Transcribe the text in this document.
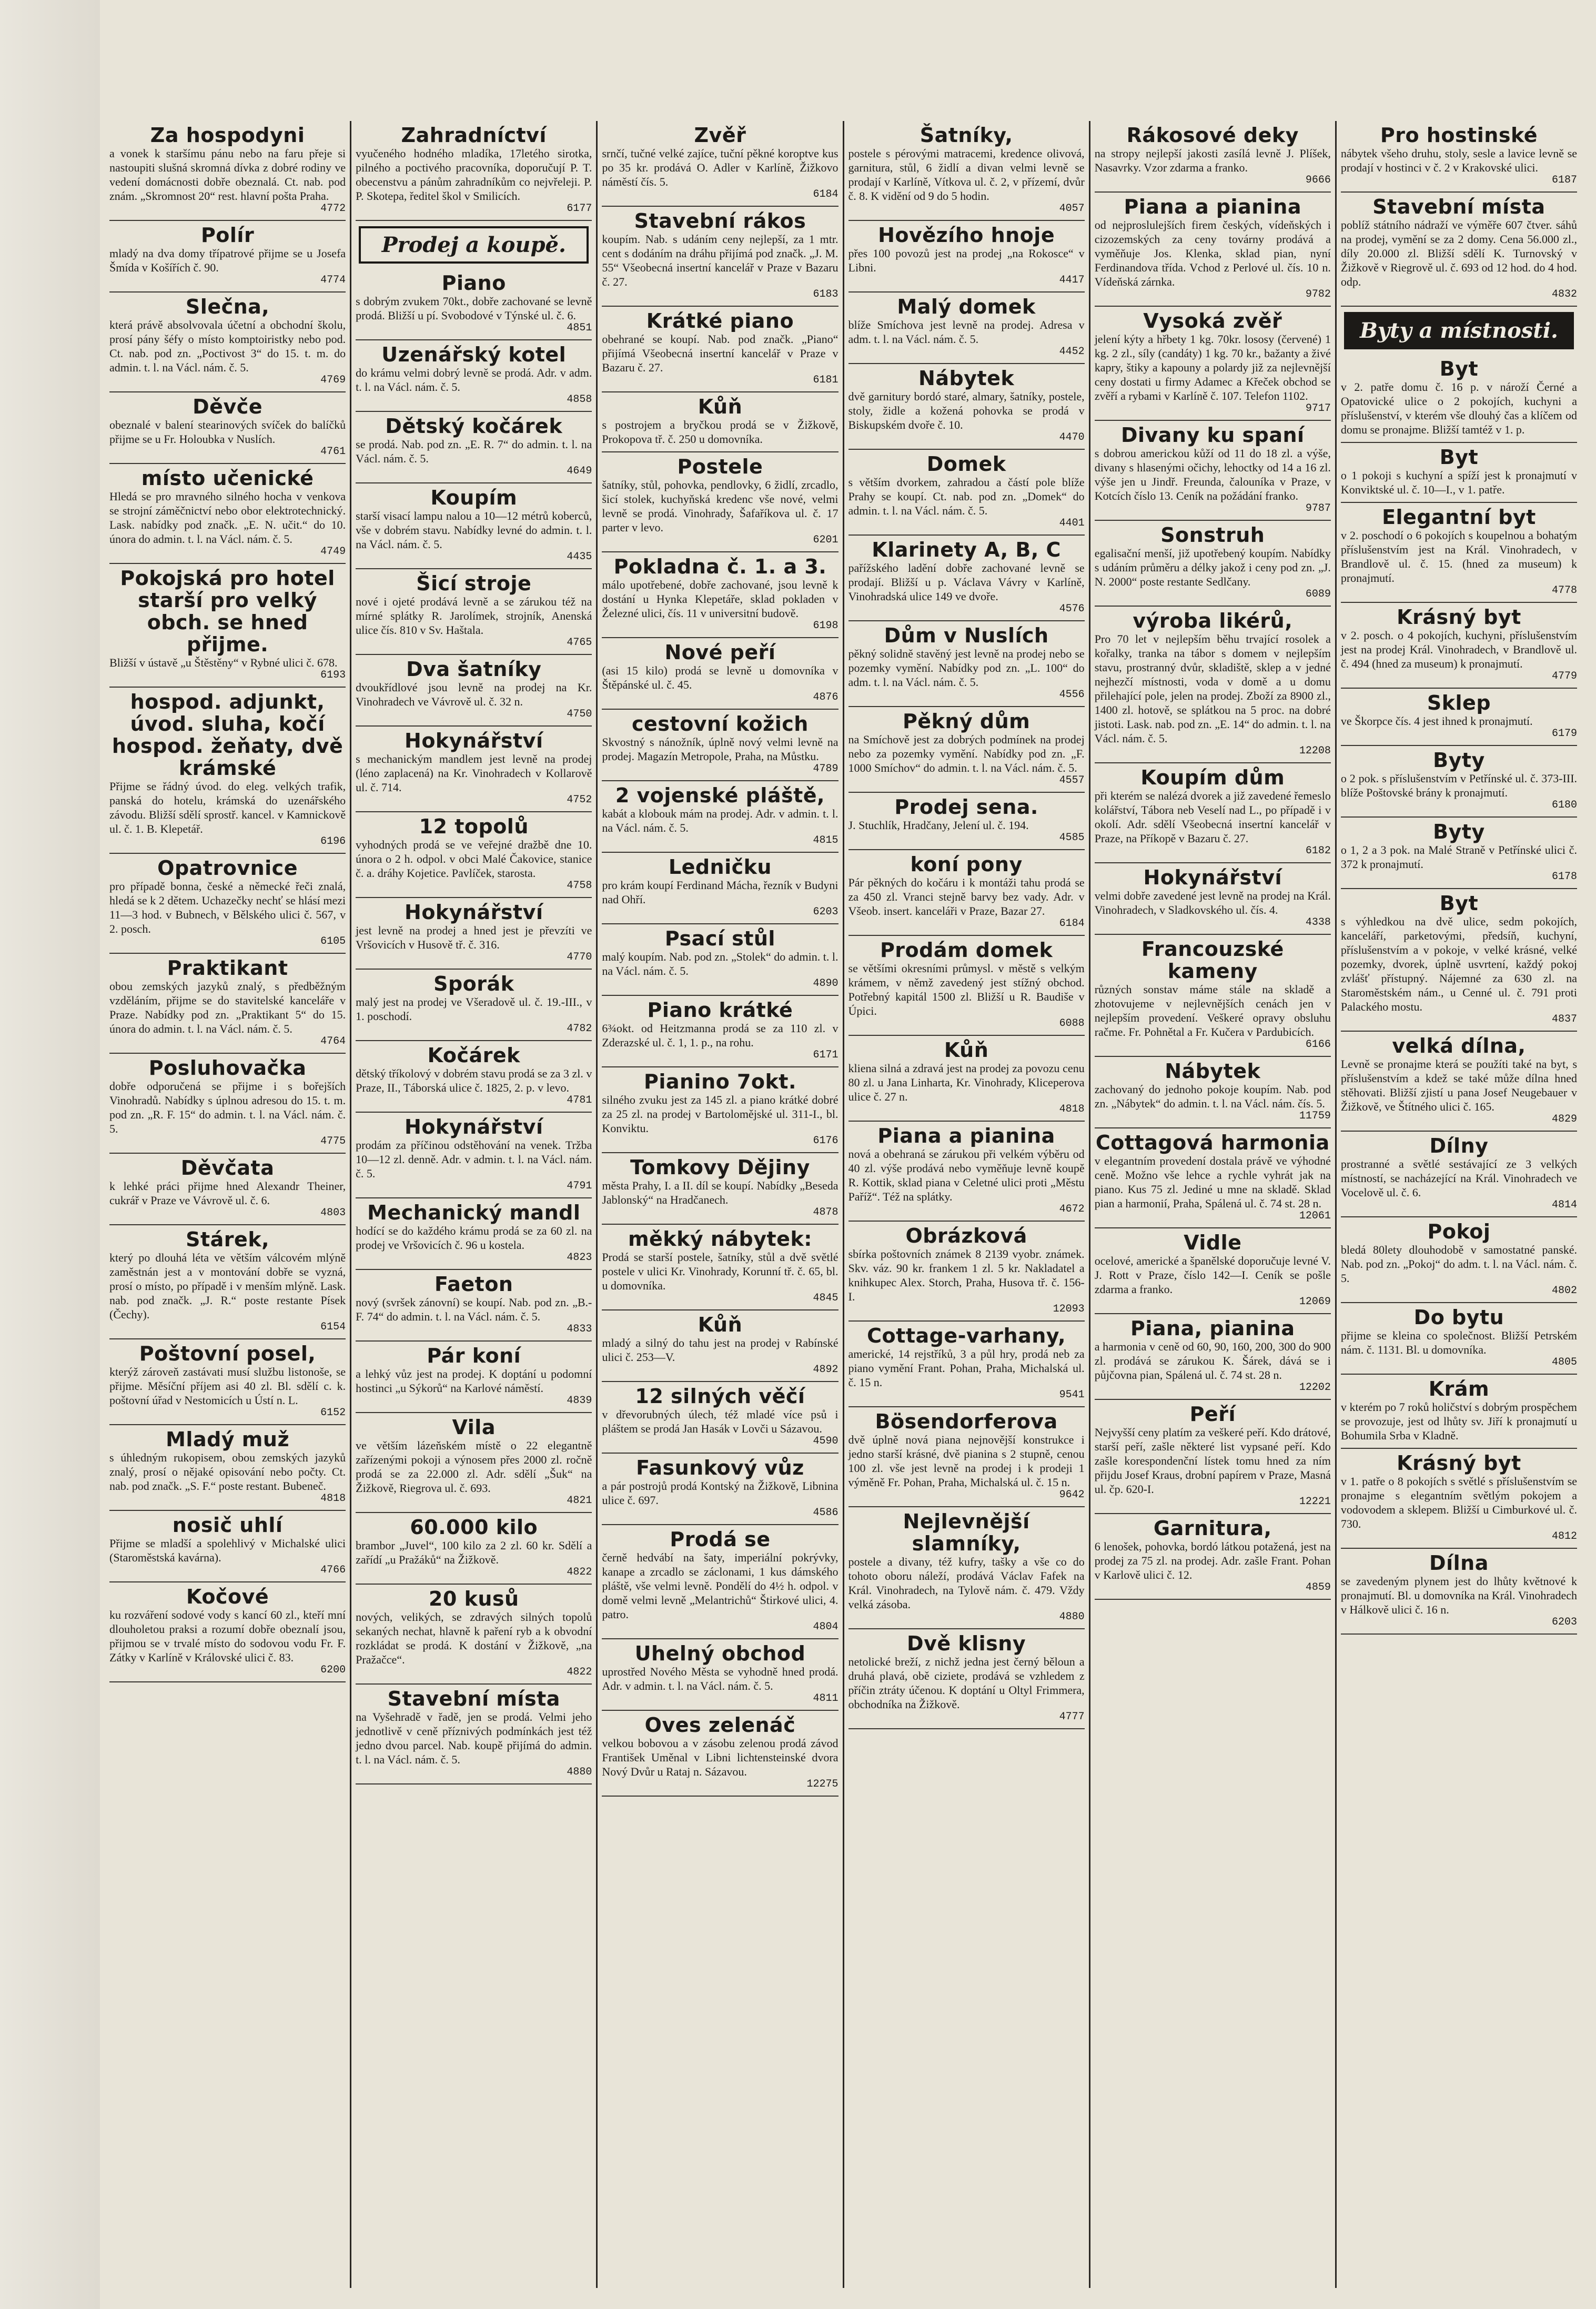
Za hospodyni

a vonek k staršímu pánu nebo na faru přeje si nastoupiti slušná skromná dívka z dobré rodiny ve vedení domácnosti dobře obeznalá. Ct. nab. pod znám. „Skromnost 20“ rest. hlavní pošta Praha.

4772
Polír

mladý na dva domy třípatrové přijme se u Josefa Šmída v Košířích č. 90.

4774
Slečna,

která právě absolvovala účetní a obchodní školu, prosí pány šéfy o místo komptoiristky nebo pod. Ct. nab. pod zn. „Poctivost 3“ do 15. t. m. do admin. t. l. na Václ. nám. č. 5.

4769
Děvče

obeznalé v balení stearinových svíček do balíčků přijme se u Fr. Holoubka v Nuslích.

4761
místo učenické

Hledá se pro mravného silného hocha v venkova se strojní záměčnictví nebo obor elektrotechnický. Lask. nabídky pod značk. „E. N. učit.“ do 10. února do admin. t. l. na Václ. nám. č. 5.

4749
Pokojská pro hotel starší pro velký obch. se hned přijme.

Bližší v ústavě „u Štěstěny“ v Rybné ulici č. 678.

6193
hospod. adjunkt, úvod. sluha, kočí hospod. žeňaty, dvě krámské

Přijme se řádný úvod. do eleg. velkých trafik, panská do hotelu, krámská do uzenářského závodu. Bližší sdělí sprostř. kancel. v Kamnickově ul. č. 1. B. Klepetář.

6196
Opatrovnice

pro případě bonna, české a německé řeči znalá, hledá se k 2 dětem. Uchazečky nechť se hlásí mezi 11—3 hod. v Bubnech, v Bělského ulici č. 567, v 2. posch.

6105
Praktikant

obou zemských jazyků znalý, s předběžným vzděláním, přijme se do stavitelské kanceláře v Praze. Nabídky pod zn. „Praktikant 5“ do 15. února do admin. t. l. na Václ. nám. č. 5.

4764
Posluhovačka

dobře odporučená se přijme i s bořejších Vinohradů. Nabídky s úplnou adresou do 15. t. m. pod zn. „R. F. 15“ do admin. t. l. na Václ. nám. č. 5.

4775
Děvčata

k lehké práci přijme hned Alexandr Theiner, cukrář v Praze ve Vávrově ul. č. 6.

4803
Stárek,

který po dlouhá léta ve větším válcovém mlýně zaměstnán jest a v montování dobře se vyzná, prosí o místo, po případě i v menším mlýně. Lask. nab. pod značk. „J. R.“ poste restante Písek (Čechy).

6154
Poštovní posel,

kterýž zároveň zastávati musí službu listonoše, se přijme. Měsíční příjem asi 40 zl. Bl. sdělí c. k. poštovní úřad v Nestomicích u Ústí n. L.

6152
Mladý muž

s úhledným rukopisem, obou zemských jazyků znalý, prosí o nějaké opisování nebo počty. Ct. nab. pod značk. „S. F.“ poste restant. Bubeneč.

4818
nosič uhlí

Přijme se mladší a spolehlivý v Michalské ulici (Staroměstská kavárna).

4766
Kočové

ku rozváření sodové vody s kancí 60 zl., kteří mní dlouholetou praksi a rozumí dobře obeznalí jsou, přijmou se v trvalé místo do sodovou vodu Fr. F. Zátky v Karlíně v Královské ulici č. 83.

6200
Zahradníctví

vyučeného hodného mladíka, 17letého sirotka, pilného a poctivého pracovníka, doporučují P. T. obecenstvu a pánům zahradníkům co nejvřeleji. P. P. Skotepa, ředitel škol v Smilicích.

6177
Prodej a koupě.
Piano

s dobrým zvukem 70kt., dobře zachované se levně prodá. Bližší u pí. Svobodové v Týnské ul. č. 6.

4851
Uzenářský kotel

do krámu velmi dobrý levně se prodá. Adr. v adm. t. l. na Václ. nám. č. 5.

4858
Dětský kočárek

se prodá. Nab. pod zn. „E. R. 7“ do admin. t. l. na Václ. nám. č. 5.

4649
Koupím

starší visací lampu nalou a 10—12 métrů koberců, vše v dobrém stavu. Nabídky levné do admin. t. l. na Václ. nám. č. 5.

4435
Šicí stroje

nové i ojeté prodává levně a se zárukou též na mírné splátky R. Jarolímek, strojník, Anenská ulice čís. 810 v Sv. Haštala.

4765
Dva šatníky

dvoukřídlové jsou levně na prodej na Kr. Vinohradech ve Vávrově ul. č. 32 n.

4750
Hokynářství

s mechanickým mandlem jest levně na prodej (léno zaplacená) na Kr. Vinohradech v Kollarově ul. č. 714.

4752
12 topolů

vyhodných prodá se ve veřejné dražbě dne 10. února o 2 h. odpol. v obci Malé Čakovice, stanice č. a. dráhy Kojetice. Pavlíček, starosta.

4758
Hokynářství

jest levně na prodej a hned jest je převzíti ve Vršovicích v Husově tř. č. 316.

4770
Sporák

malý jest na prodej ve Všeradově ul. č. 19.-III., v 1. poschodí.

4782
Kočárek

dětský tříkolový v dobrém stavu prodá se za 3 zl. v Praze, II., Táborská ulice č. 1825, 2. p. v levo.

4781
Hokynářství

prodám za příčinou odstěhování na venek. Tržba 10—12 zl. denně. Adr. v admin. t. l. na Václ. nám. č. 5.

4791
Mechanický mandl

hodící se do každého krámu prodá se za 60 zl. na prodej ve Vršovicích č. 96 u kostela.

4823
Faeton

nový (svršek zánovní) se koupí. Nab. pod zn. „B.-F. 74“ do admin. t. l. na Václ. nám. č. 5.

4833
Pár koní

a lehký vůz jest na prodej. K doptání u podomní hostinci „u Sýkorů“ na Karlové náměstí.

4839
Vila

ve větším lázeňském místě o 22 elegantně zařízenými pokoji a výnosem přes 2000 zl. ročně prodá se za 22.000 zl. Adr. sdělí „Šuk“ na Žižkově, Riegrova ul. č. 693.

4821
60.000 kilo

brambor „Juvel“, 100 kilo za 2 zl. 60 kr. Sdělí a zařídí „u Pražáků“ na Žižkově.

4822
20 kusů

nových, velikých, se zdravých silných topolů sekaných nechat, hlavně k paření ryb a k obvodní rozkládat se prodá. K dostání v Žižkově, „na Pražačce“.

4822
Stavební místa

na Vyšehradě v řadě, jen se prodá. Velmi jeho jednotlivě v ceně příznivých podmínkách jest též jedno dvou parcel. Nab. koupě přijímá do admin. t. l. na Václ. nám. č. 5.

4880
Zvěř

srnčí, tučné velké zajíce, tuční pěkné koroptve kus po 35 kr. prodává O. Adler v Karlíně, Žižkovo náměstí čís. 5.

6184
Stavební rákos

koupím. Nab. s udáním ceny nejlepší, za 1 mtr. cent s dodáním na dráhu přijímá pod značk. „J. M. 55“ Všeobecná insertní kancelář v Praze v Bazaru č. 27.

6183
Krátké piano

obehrané se koupí. Nab. pod značk. „Piano“ přijímá Všeobecná insertní kancelář v Praze v Bazaru č. 27.

6181
Kůň

s postrojem a bryčkou prodá se v Žižkově, Prokopova tř. č. 250 u domovníka.

Postele

šatníky, stůl, pohovka, pendlovky, 6 židlí, zrcadlo, šicí stolek, kuchyňská kredenc vše nové, velmi levně se prodá. Vinohrady, Šafaříkova ul. č. 17 parter v levo.

6201
Pokladna č. 1. a 3.

málo upotřebené, dobře zachované, jsou levně k dostání u Hynka Klepetáře, sklad pokladen v Železné ulici, čís. 11 v universitní budově.

6198
Nové peří

(asi 15 kilo) prodá se levně u domovníka v Štěpánské ul. č. 45.

4876
cestovní kožich

Skvostný s nánožník, úplně nový velmi levně na prodej. Magazín Metropole, Praha, na Můstku.

4789
2 vojenské pláště,

kabát a klobouk mám na prodej. Adr. v admin. t. l. na Václ. nám. č. 5.

4815
Ledničku

pro krám koupí Ferdinand Mácha, řezník v Budyni nad Ohří.

6203
Psací stůl

malý koupím. Nab. pod zn. „Stolek“ do admin. t. l. na Václ. nám. č. 5.

4890
Piano krátké

6¾okt. od Heitzmanna prodá se za 110 zl. v Zderazské ul. č. 1, 1. p., na rohu.

6171
Pianino 7okt.

silného zvuku jest za 145 zl. a piano krátké dobré za 25 zl. na prodej v Bartolomějské ul. 311-I., bl. Konviktu.

6176
Tomkovy Dějiny

města Prahy, I. a II. díl se koupí. Nabídky „Beseda Jablonský“ na Hradčanech.

4878
měkký nábytek:

Prodá se starší postele, šatníky, stůl a dvě světlé postele v ulici Kr. Vinohrady, Korunní tř. č. 65, bl. u domovníka.

4845
Kůň

mladý a silný do tahu jest na prodej v Rabínské ulici č. 253—V.

4892
12 silných věčí

v dřevorubných úlech, též mladé více psů i pláštem se prodá Jan Hasák v Lovči u Sázavou.

4590
Fasunkový vůz

a pár postrojů prodá Kontský na Žižkově, Libnina ulice č. 697.

4586
Prodá se

černě hedvábí na šaty, imperiální pokrývky, kanape a zrcadlo se záclonami, 1 kus dámského pláště, vše velmi levně. Pondělí do 4½ h. odpol. v domě velmi levně „Melantrichů“ Štirkové ulici, 4. patro.

4804
Uhelný obchod

uprostřed Nového Města se vyhodně hned prodá. Adr. v admin. t. l. na Václ. nám. č. 5.

4811
Oves zelenáč

velkou bobovou a v zásobu zelenou prodá závod František Uměnal v Libni lichtensteinské dvora Nový Dvůr u Rataj n. Sázavou.

12275
Šatníky,

postele s pérovými matracemi, kredence olivová, garnitura, stůl, 6 židlí a divan velmi levně se prodají v Karlíně, Vítkova ul. č. 2, v přízemí, dvůr č. 8. K vidění od 9 do 5 hodin.

4057
Hovězího hnoje

přes 100 povozů jest na prodej „na Rokosce“ v Libni.

4417
Malý domek

blíže Smíchova jest levně na prodej. Adresa v adm. t. l. na Václ. nám. č. 5.

4452
Nábytek

dvě garnitury bordó staré, almary, šatníky, postele, stoly, židle a kožená pohovka se prodá v Biskupském dvoře č. 10.

4470
Domek

s větším dvorkem, zahradou a částí pole blíže Prahy se koupí. Ct. nab. pod zn. „Domek“ do admin. t. l. na Václ. nám. č. 5.

4401
Klarinety A, B, C

pařížského ladění dobře zachované levně se prodají. Bližší u p. Václava Vávry v Karlíně, Vinohradská ulice 149 ve dvoře.

4576
Dům v Nuslích

pěkný solidně stavěný jest levně na prodej nebo se pozemky vymění. Nabídky pod zn. „L. 100“ do adm. t. l. na Václ. nám. č. 5.

4556
Pěkný dům

na Smíchově jest za dobrých podmínek na prodej nebo za pozemky vymění. Nabídky pod zn. „F. 1000 Smíchov“ do admin. t. l. na Václ. nám. č. 5.

4557
Prodej sena.

J. Stuchlík, Hradčany, Jelení ul. č. 194.

4585
koní pony

Pár pěkných do kočáru i k montáži tahu prodá se za 450 zl. Vranci stejně barvy bez vady. Adr. v Všeob. insert. kanceláři v Praze, Bazar 27.

6184
Prodám domek

se většími okresními průmysl. v městě s velkým krámem, v němž zavedený jest stížný obchod. Potřebný kapitál 1500 zl. Bližší u R. Baudiše v Úpici.

6088
Kůň

kliena silná a zdravá jest na prodej za povozu cenu 80 zl. u Jana Linharta, Kr. Vinohrady, Kliceperova ulice č. 27 n.

4818
Piana a pianina

nová a obehraná se zárukou při velkém výběru od 40 zl. výše prodává nebo vyměňuje levně koupě R. Kottik, sklad piana v Celetné ulici proti „Městu Paříž“. Též na splátky.

4672
Obrázková

sbírka poštovních známek 8 2139 vyobr. známek. Skv. váz. 90 kr. frankem 1 zl. 5 kr. Nakladatel a knihkupec Alex. Storch, Praha, Husova tř. č. 156-I.

12093
Cottage-varhany,

americké, 14 rejstříků, 3 a půl hry, prodá neb za piano vymění Frant. Pohan, Praha, Michalská ul. č. 15 n.

9541
Bösendorferova

dvě úplně nová piana nejnovější konstrukce i jedno starší krásné, dvě pianina s 2 stupně, cenou 100 zl. vše jest levně na prodej i k prodeji 1 výměně Fr. Pohan, Praha, Michalská ul. č. 15 n.

9642
Nejlevnější slamníky,

postele a divany, též kufry, tašky a vše co do tohoto oboru náleží, prodává Václav Fafek na Král. Vinohradech, na Tylově nám. č. 479. Vždy velká zásoba.

4880
Dvě klisny

netolické breží, z nichž jedna jest černý běloun a druhá plavá, obě ciziete, prodává se vzhledem z příčin ztráty účenou. K doptání u Oltyl Frimmera, obchodníka na Žižkově.

4777
Rákosové deky

na stropy nejlepší jakosti zasílá levně J. Plíšek, Nasavrky. Vzor zdarma a franko.

9666
Piana a pianina

od nejproslulejších firem českých, vídeňských i cizozemských za ceny továrny prodává a vyměňuje Jos. Klenka, sklad pian, nyní Ferdinandova třída. Vchod z Perlové ul. čís. 10 n. Vídeňská zárnka.

9782
Vysoká zvěř

jelení kýty a hřbety 1 kg. 70kr. lososy (červené) 1 kg. 2 zl., síly (candáty) 1 kg. 70 kr., bažanty a živé kapry, štiky a kapouny a polardy již za nejlevnější ceny dostati u firmy Adamec a Křeček obchod se zvěří a rybami v Karlíně č. 107. Telefon 1102.

9717
Divany ku spaní

s dobrou americkou kůží od 11 do 18 zl. a výše, divany s hlasenými očichy, lehoctky od 14 a 16 zl. výše jen u Jindř. Freunda, čalouníka v Praze, v Kotcích číslo 13. Ceník na požádání franko.

9787
Sonstruh

egalisační menší, již upotřebený koupím. Nabídky s udáním průměru a délky jakož i ceny pod zn. „J. N. 2000“ poste restante Sedlčany.

6089
výroba likérů,

Pro 70 let v nejlepším běhu trvající rosolek a kořalky, tranka na tábor s domem v nejlepším stavu, prostranný dvůr, skladiště, sklep a v jedné nejhezčí místnosti, voda v domě a u domu přilehající pole, jelen na prodej. Zboží za 8900 zl., 1400 zl. hotově, se splátkou na 5 proc. na dobré jistoti. Lask. nab. pod zn. „E. 14“ do admin. t. l. na Václ. nám. č. 5.

12208
Koupím dům

při kterém se nalézá dvorek a již zavedené řemeslo kolářství, Tábora neb Veselí nad L., po případě i v okolí. Adr. sdělí Všeobecná insertní kancelář v Praze, na Příkopě v Bazaru č. 27.

6182
Hokynářství

velmi dobře zavedené jest levně na prodej na Král. Vinohradech, v Sladkovského ul. čís. 4.

4338
Francouzské kameny

různých sonstav máme stále na skladě a zhotovujeme v nejlevnějších cenách jen v nejlepším provedení. Veškeré opravy obsluhu račme. Fr. Pohnětal a Fr. Kučera v Pardubicích.

6166
Nábytek

zachovaný do jednoho pokoje koupím. Nab. pod zn. „Nábytek“ do admin. t. l. na Václ. nám. čís. 5.

11759
Cottagová harmonia

v elegantním provedení dostala právě ve výhodné ceně. Možno vše lehce a rychle vyhrát jak na piano. Kus 75 zl. Jediné u mne na skladě. Sklad pian a harmonií, Praha, Spálená ul. č. 74 st. 28 n.

12061
Vidle

ocelové, americké a španělské doporučuje levné V. J. Rott v Praze, číslo 142—I. Ceník se pošle zdarma a franko.

12069
Piana, pianina

a harmonia v ceně od 60, 90, 160, 200, 300 do 900 zl. prodává se zárukou K. Šárek, dává se i půjčovna pian, Spálená ul. č. 74 st. 28 n.

12202
Peří

Nejvyšší ceny platím za veškeré peří. Kdo drátové, starší peří, zašle některé list vypsané peří. Kdo zašle korespondenční lístek tomu hned za ním přijdu Josef Kraus, drobní papírem v Praze, Masná ul. čp. 620-I.

12221
Garnitura,

6 lenošek, pohovka, bordó látkou potažená, jest na prodej za 75 zl. na prodej. Adr. zašle Frant. Pohan v Karlově ulici č. 12.

4859
Pro hostinské

nábytek všeho druhu, stoly, sesle a lavice levně se prodají v hostinci v č. 2 v Krakovské ulici.

6187
Stavební místa

poblíž státního nádraží ve výměře 607 čtver. sáhů na prodej, vymění se za 2 domy. Cena 56.000 zl., díly 20.000 zl. Bližší sdělí K. Turnovský v Žižkově v Riegrově ul. č. 693 od 12 hod. do 4 hod. odp.

4832
Byty a místnosti.
Byt

v 2. patře domu č. 16 p. v nároží Černé a Opatovické ulice o 2 pokojích, kuchyni a příslušenství, v kterém vše dlouhý čas a klíčem od domu se pronajme. Bližší tamtéž v 1. p.

Byt

o 1 pokoji s kuchyní a spíží jest k pronajmutí v Konviktské ul. č. 10—I., v 1. patře.

Elegantní byt

v 2. poschodí o 6 pokojích s koupelnou a bohatým příslušenstvím jest na Král. Vinohradech, v Brandlově ul. č. 15. (hned za museum) k pronajmutí.

4778
Krásný byt

v 2. posch. o 4 pokojích, kuchyni, příslušenstvím jest na prodej Král. Vinohradech, v Brandlově ul. č. 494 (hned za museum) k pronajmutí.

4779
Sklep

ve Škorpce čís. 4 jest ihned k pronajmutí.

6179
Byty

o 2 pok. s příslušenstvím v Petřínské ul. č. 373-III. blíže Poštovské brány k pronajmutí.

6180
Byty

o 1, 2 a 3 pok. na Malé Straně v Petřínské ulici č. 372 k pronajmutí.

6178
Byt

s výhledkou na dvě ulice, sedm pokojích, kanceláří, parketovými, předsíň, kuchyní, příslušenstvím a v pokoje, v velké krásné, velké pozemky, dvorek, úplně usvrtení, každý pokoj zvlášť přístupný. Nájemné za 630 zl. na Staroměstském nám., u Cenné ul. č. 791 proti Palackého mostu.

4837
velká dílna,

Levně se pronajme která se použíti také na byt, s příslušenstvím a kdež se také může dílna hned stěhovati. Bližší zjistí u pana Josef Neugebauer v Žižkově, ve Štítného ulici č. 165.

4829
Dílny

prostranné a světlé sestávající ze 3 velkých místností, se nacházející na Král. Vinohradech ve Vocelově ul. č. 6.

4814
Pokoj

bledá 80lety dlouhodobě v samostatné panské. Nab. pod zn. „Pokoj“ do adm. t. l. na Václ. nám. č. 5.

4802
Do bytu

přijme se kleina co společnost. Bližší Petrském nám. č. 1131. Bl. u domovníka.

4805
Krám

v kterém po 7 roků holičství s dobrým prospěchem se provozuje, jest od lhůty sv. Jiří k pronajmutí u Bohumila Srba v Kladně.

Krásný byt

v 1. patře o 8 pokojích s světlé s příslušenstvím se pronajme s elegantním světlým pokojem a vodovodem a sklepem. Bližší u Cimburkové ul. č. 730.

4812
Dílna

se zavedeným plynem jest do lhůty květnové k pronajmutí. Bl. u domovníka na Král. Vinohradech v Hálkově ulici č. 16 n.

6203
